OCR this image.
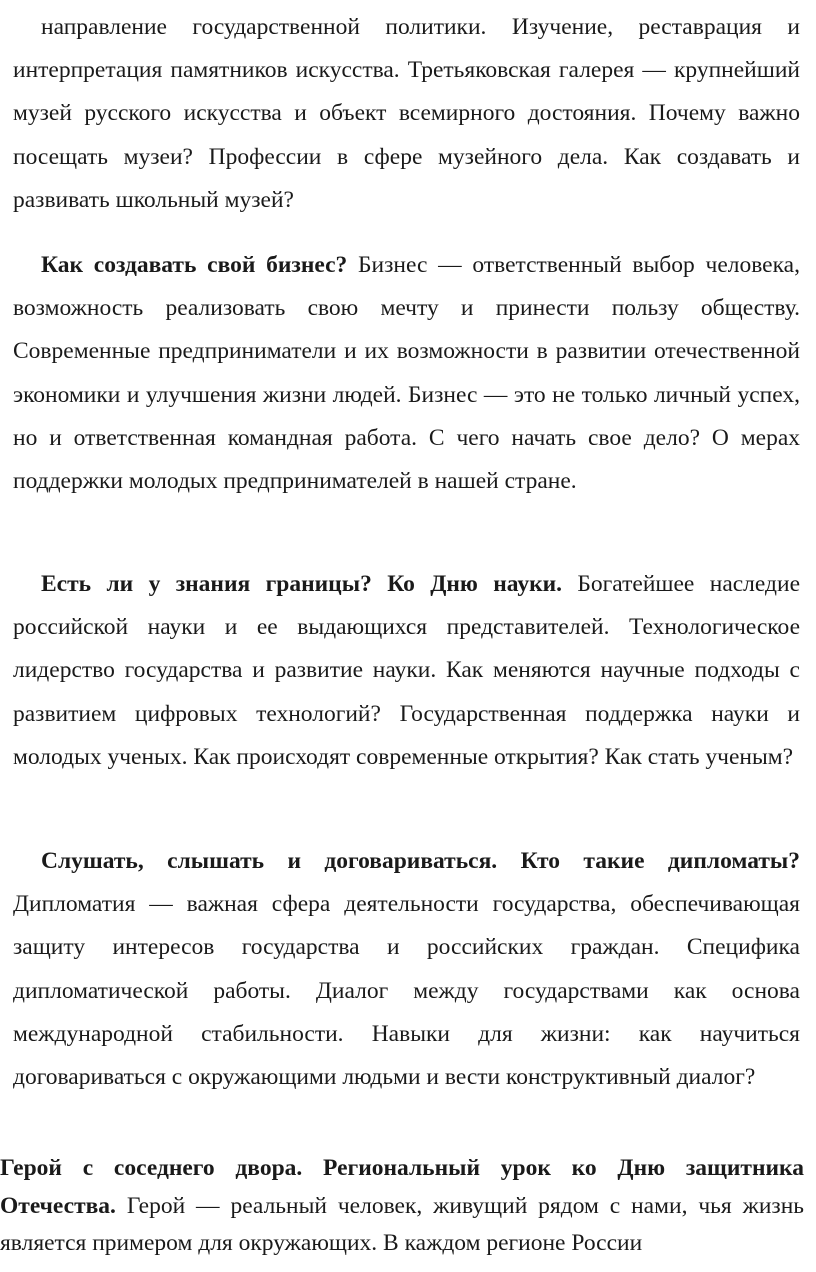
направление государственной политики. Изучение, реставрация и интерпретация памятников искусства. Третьяковская галерея — крупнейший музей русского искусства и объект всемирного достояния. Почему важно посещать музеи? Профессии в сфере музейного дела. Как создавать и развивать школьный музей?

Как создавать свой бизнес? Бизнес — ответственный выбор человека, возможность реализовать свою мечту и принести пользу обществу. Современные предприниматели и их возможности в развитии отечественной экономики и улучшения жизни людей. Бизнес — это не только личный успех, но и ответственная командная работа. С чего начать свое дело? О мерах поддержки молодых предпринимателей в нашей стране.

Есть ли у знания границы? Ко Дню науки. Богатейшее наследие российской науки и ее выдающихся представителей. Технологическое лидерство государства и развитие науки. Как меняются научные подходы с развитием цифровых технологий? Государственная поддержка науки и молодых ученых. Как происходят современные открытия? Как стать ученым?

Слушать, слышать и договариваться. Кто такие дипломаты? Дипломатия — важная сфера деятельности государства, обеспечивающая защиту интересов государства и российских граждан. Специфика дипломатической работы. Диалог между государствами как основа международной стабильности. Навыки для жизни: как научиться договариваться с окружающими людьми и вести конструктивный диалог?

Герой с соседнего двора. Региональный урок ко Дню защитника Отечества. Герой — реальный человек, живущий рядом с нами, чья жизнь является примером для окружающих. В каждом регионе России
